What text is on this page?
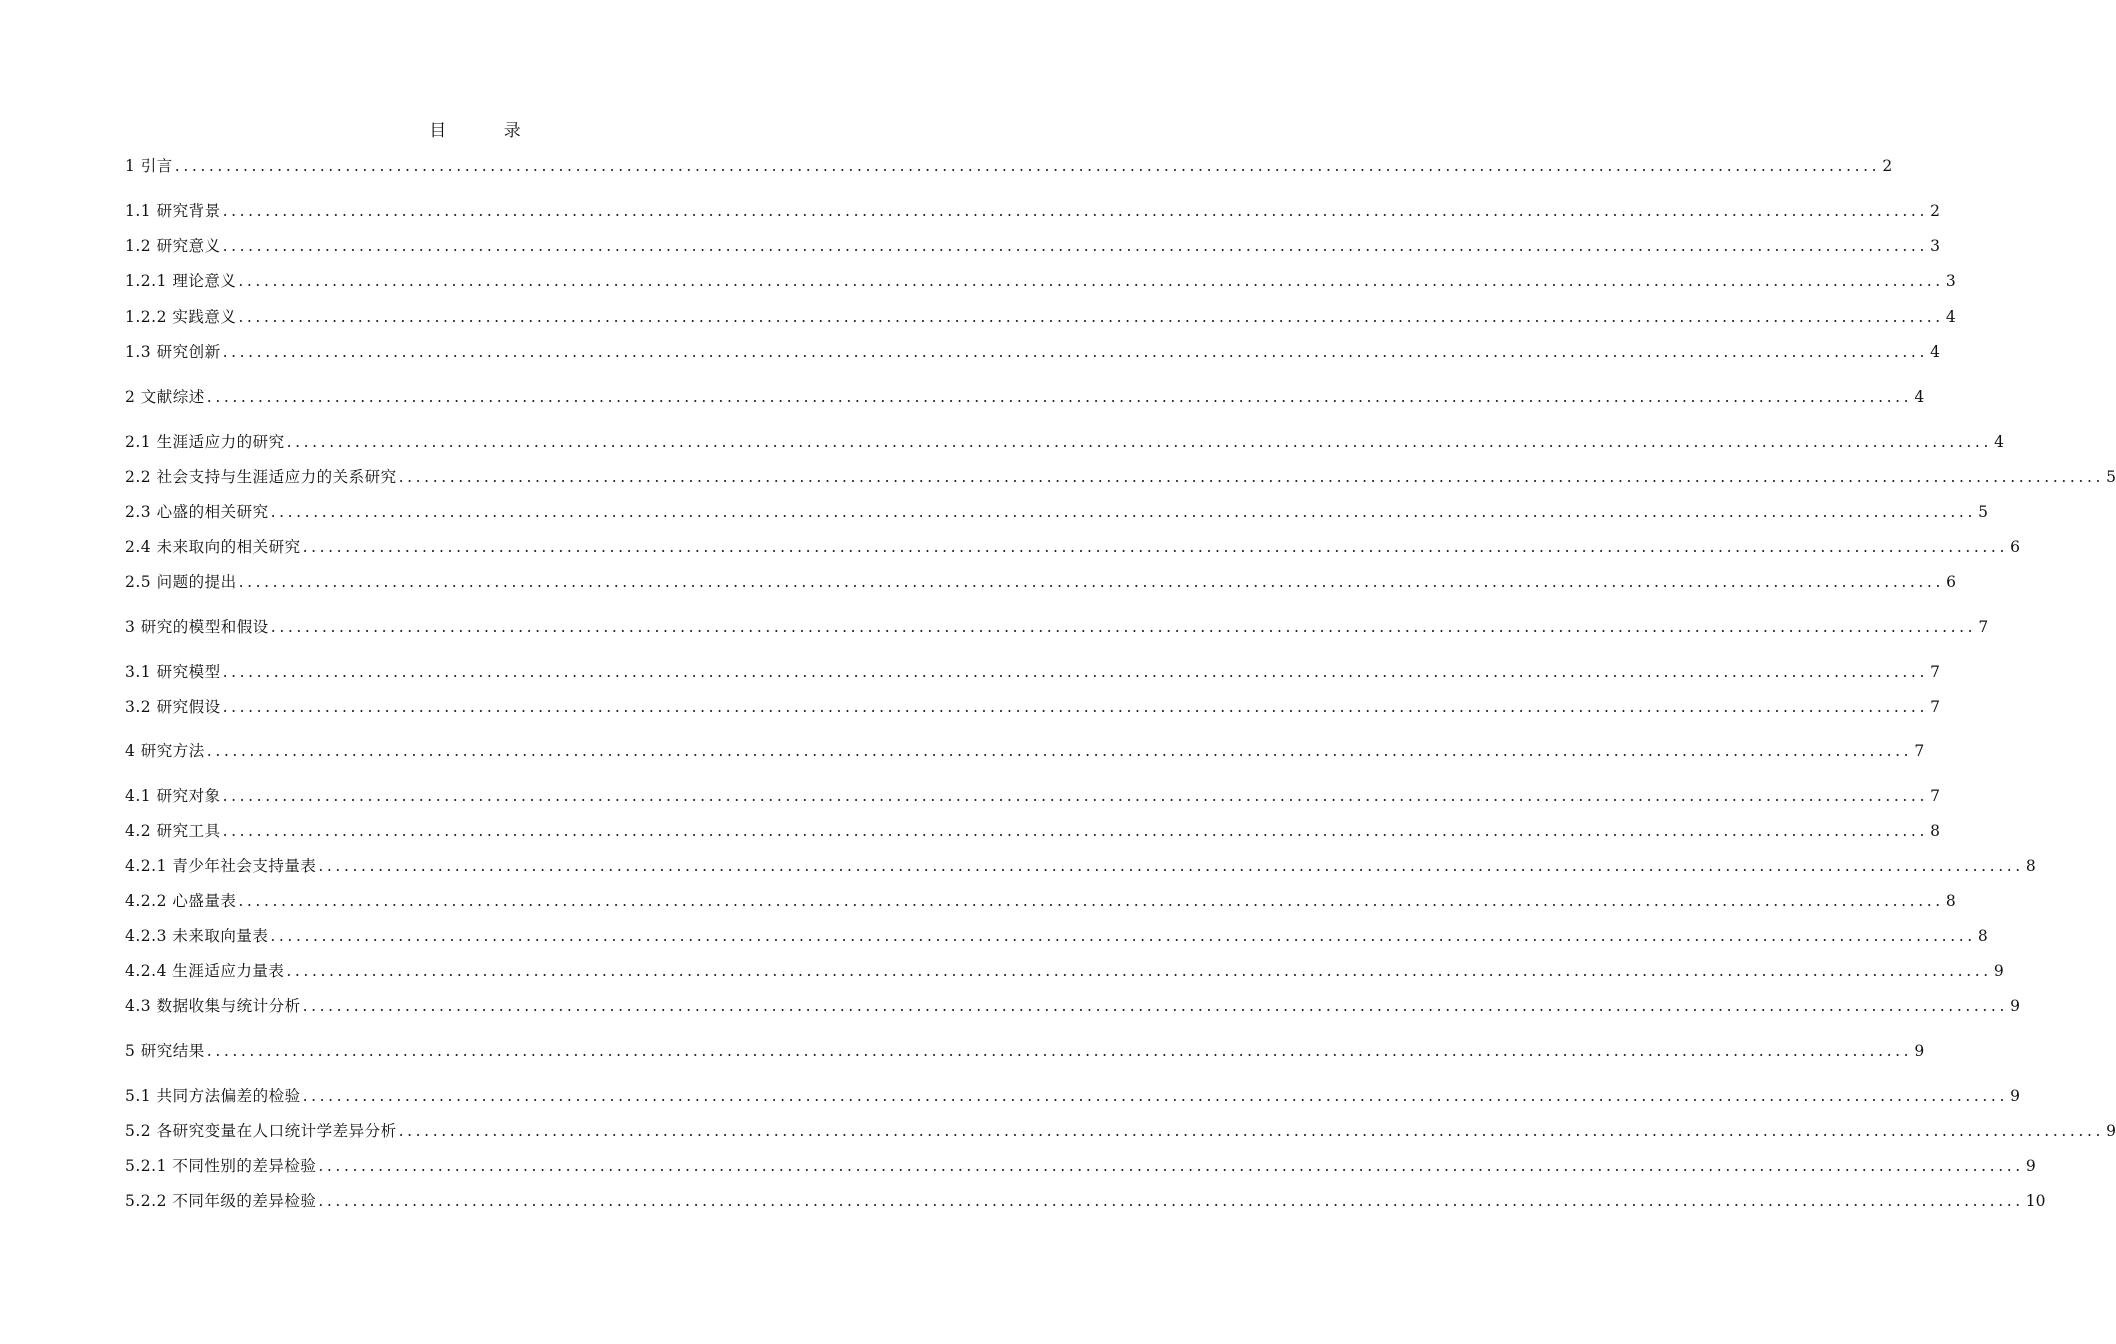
目 录
1 引言 ........................................................................................................................................................................................................ 2
1.1 研究背景 ........................................................................................................................................................................................................ 2
1.2 研究意义 ........................................................................................................................................................................................................ 3
1.2.1 理论意义 ........................................................................................................................................................................................................ 3
1.2.2 实践意义 ........................................................................................................................................................................................................ 4
1.3 研究创新 ........................................................................................................................................................................................................ 4
2 文献综述 ........................................................................................................................................................................................................ 4
2.1 生涯适应力的研究 ........................................................................................................................................................................................................ 4
2.2 社会支持与生涯适应力的关系研究 ........................................................................................................................................................................................................ 5
2.3 心盛的相关研究 ........................................................................................................................................................................................................ 5
2.4 未来取向的相关研究 ........................................................................................................................................................................................................ 6
2.5 问题的提出 ........................................................................................................................................................................................................ 6
3 研究的模型和假设 ........................................................................................................................................................................................................ 7
3.1 研究模型 ........................................................................................................................................................................................................ 7
3.2 研究假设 ........................................................................................................................................................................................................ 7
4 研究方法 ........................................................................................................................................................................................................ 7
4.1 研究对象 ........................................................................................................................................................................................................ 7
4.2 研究工具 ........................................................................................................................................................................................................ 8
4.2.1 青少年社会支持量表 ........................................................................................................................................................................................................ 8
4.2.2 心盛量表 ........................................................................................................................................................................................................ 8
4.2.3 未来取向量表 ........................................................................................................................................................................................................ 8
4.2.4 生涯适应力量表 ........................................................................................................................................................................................................ 9
4.3 数据收集与统计分析 ........................................................................................................................................................................................................ 9
5 研究结果 ........................................................................................................................................................................................................ 9
5.1 共同方法偏差的检验 ........................................................................................................................................................................................................ 9
5.2 各研究变量在人口统计学差异分析 ........................................................................................................................................................................................................ 9
5.2.1 不同性别的差异检验 ........................................................................................................................................................................................................ 9
5.2.2 不同年级的差异检验 ........................................................................................................................................................................................................ 10
